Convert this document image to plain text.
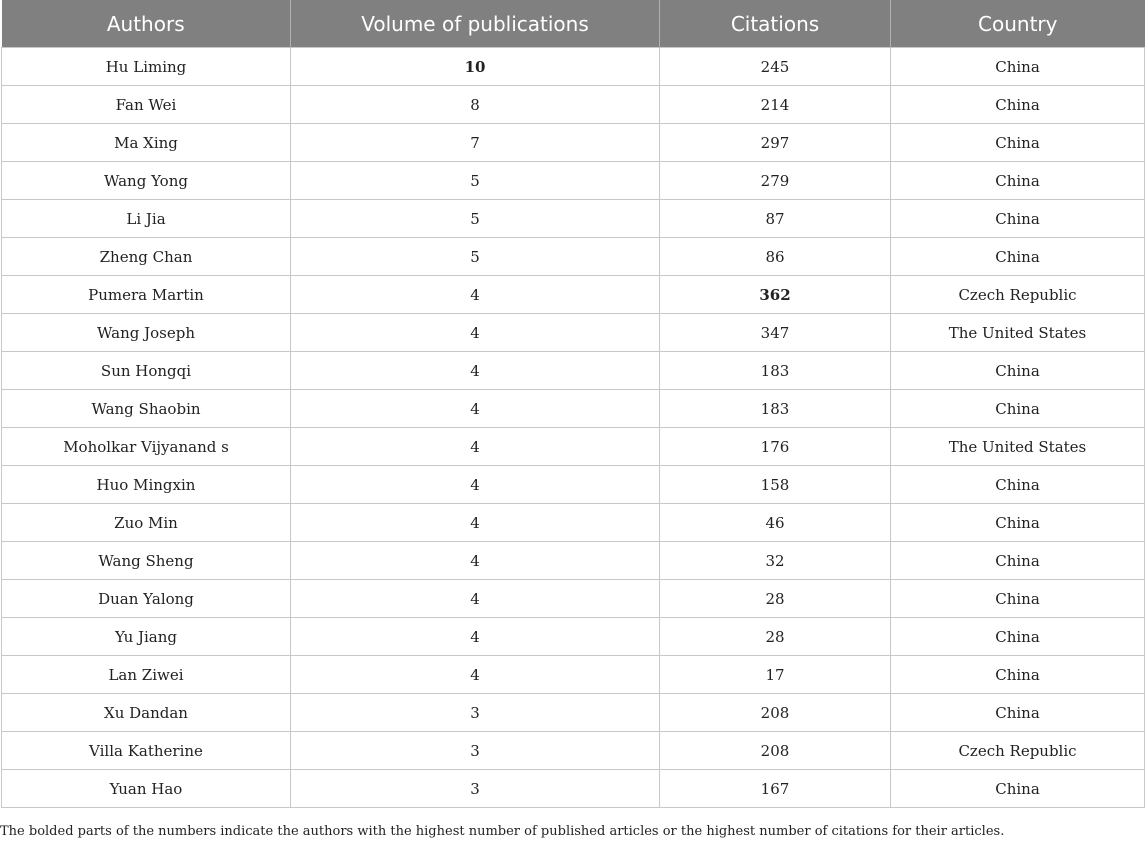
Authors	Volume of publications	Citations	Country
Hu Liming	10	245	China
Fan Wei	8	214	China
Ma Xing	7	297	China
Wang Yong	5	279	China
Li Jia	5	87	China
Zheng Chan	5	86	China
Pumera Martin	4	362	Czech Republic
Wang Joseph	4	347	The United States
Sun Hongqi	4	183	China
Wang Shaobin	4	183	China
Moholkar Vijyanand s	4	176	The United States
Huo Mingxin	4	158	China
Zuo Min	4	46	China
Wang Sheng	4	32	China
Duan Yalong	4	28	China
Yu Jiang	4	28	China
Lan Ziwei	4	17	China
Xu Dandan	3	208	China
Villa Katherine	3	208	Czech Republic
Yuan Hao	3	167	China
The bolded parts of the numbers indicate the authors with the highest number of published articles or the highest number of citations for their articles.
